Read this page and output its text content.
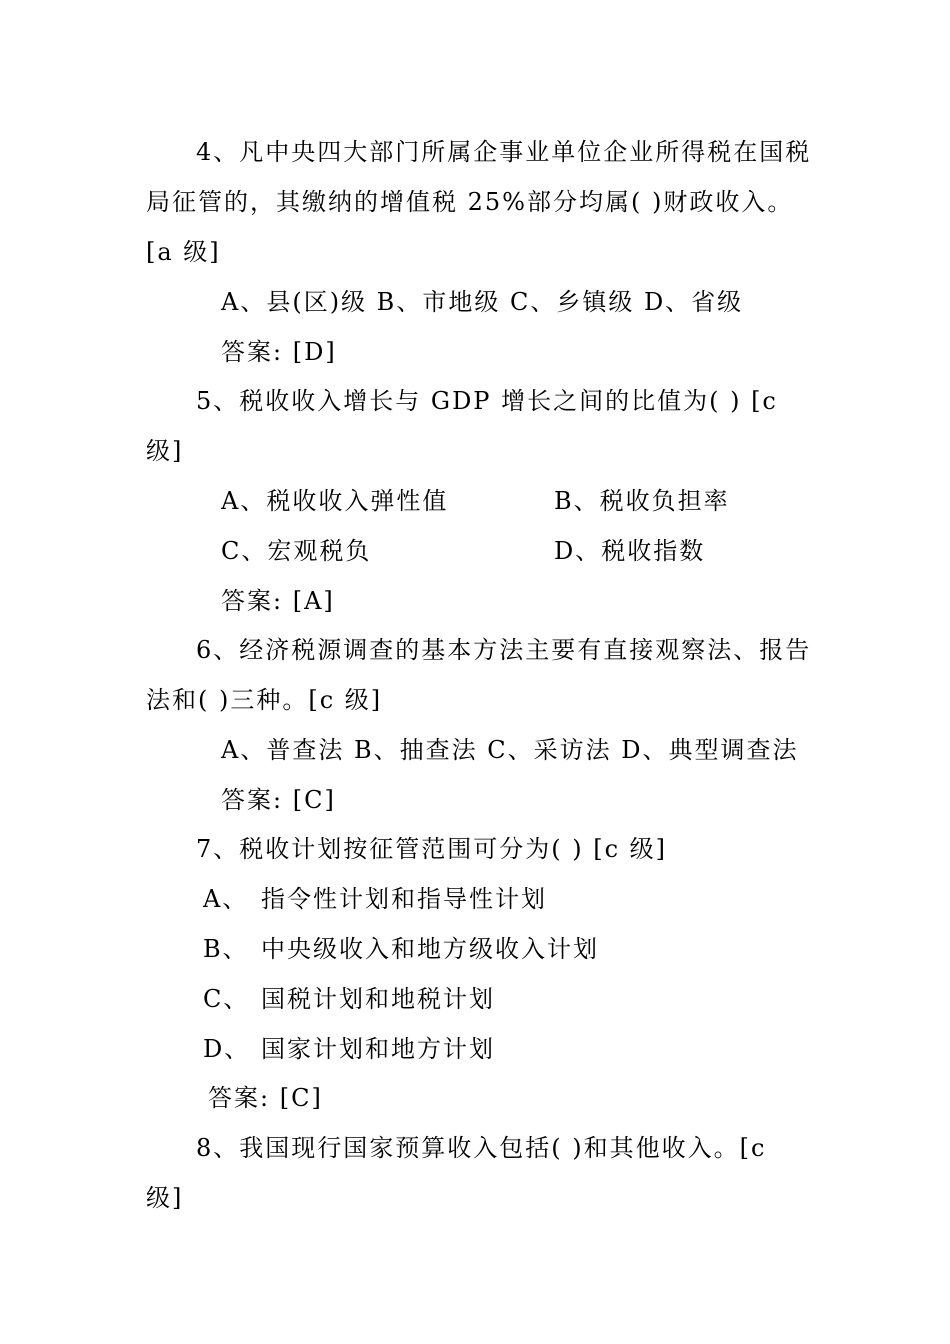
4、凡中央四大部门所属企事业单位企业所得税在国税
局征管的，其缴纳的增值税 25%部分均属( )财政收入。
[a 级]
A、县(区)级 B、市地级 C、乡镇级 D、省级
答案: [D]
5、税收收入增长与 GDP 增长之间的比值为( ) [c
级]
A、税收收入弹性值	B、税收负担率
C、宏观税负	D、税收指数
答案: [A]
6、经济税源调查的基本方法主要有直接观察法、报告
法和( )三种。[c 级]
A、普查法 B、抽查法 C、采访法 D、典型调查法
答案: [C]
7、税收计划按征管范围可分为( ) [c 级]
A、 指令性计划和指导性计划
B、 中央级收入和地方级收入计划
C、 国税计划和地税计划
D、 国家计划和地方计划
答案: [C]
8、我国现行国家预算收入包括( )和其他收入。[c
级]
